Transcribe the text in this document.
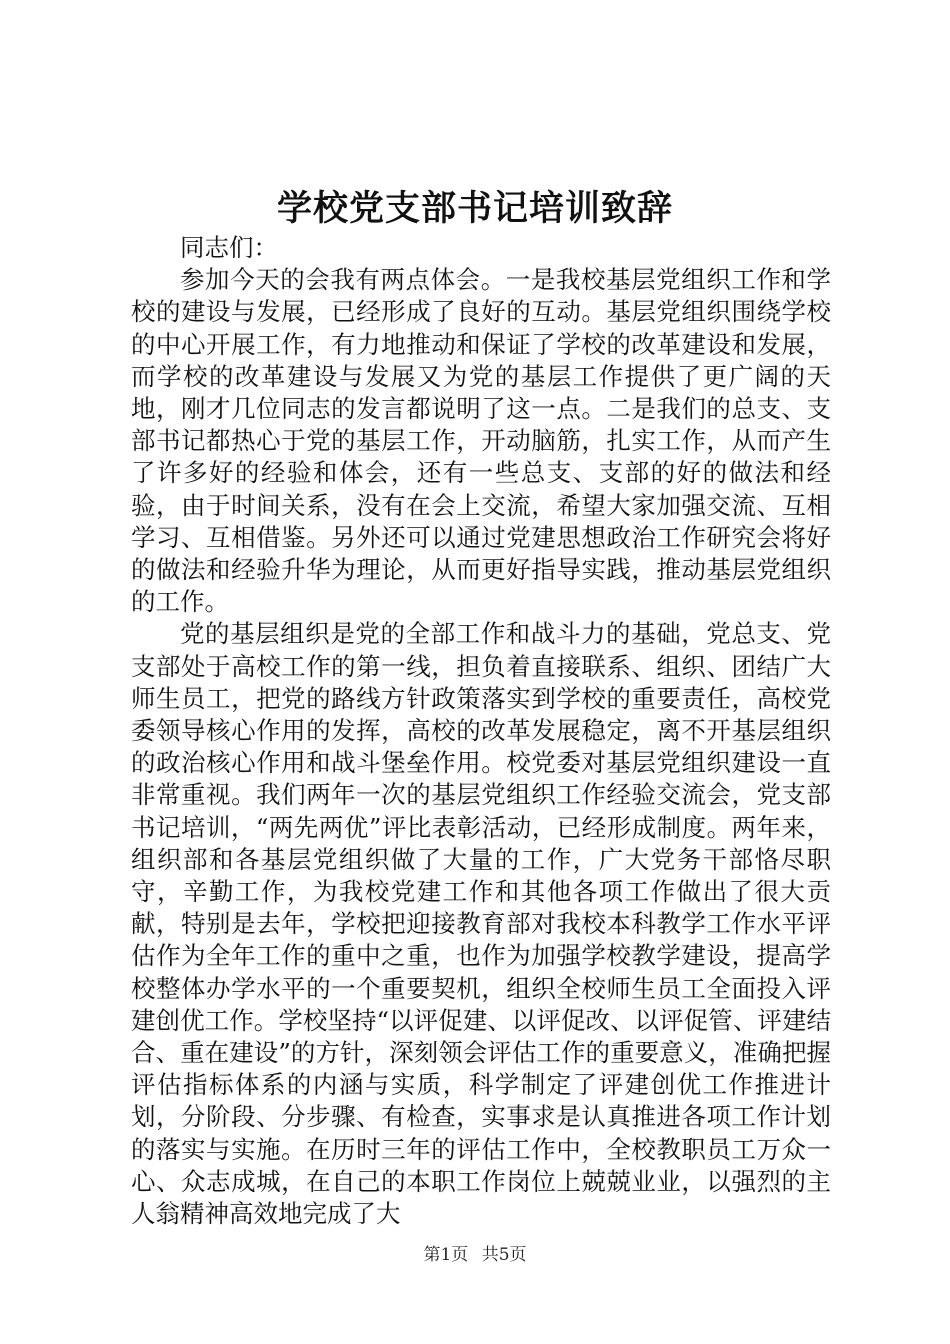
学校党支部书记培训致辞

同志们：

参加今天的会我有两点体会。一是我校基层党组织工作和学校的建设与发展，已经形成了良好的互动。基层党组织围绕学校的中心开展工作，有力地推动和保证了学校的改革建设和发展，而学校的改革建设与发展又为党的基层工作提供了更广阔的天地，刚才几位同志的发言都说明了这一点。二是我们的总支、支部书记都热心于党的基层工作，开动脑筋，扎实工作，从而产生了许多好的经验和体会，还有一些总支、支部的好的做法和经验，由于时间关系，没有在会上交流，希望大家加强交流、互相学习、互相借鉴。另外还可以通过党建思想政治工作研究会将好的做法和经验升华为理论，从而更好指导实践，推动基层党组织的工作。

党的基层组织是党的全部工作和战斗力的基础，党总支、党支部处于高校工作的第一线，担负着直接联系、组织、团结广大师生员工，把党的路线方针政策落实到学校的重要责任，高校党委领导核心作用的发挥，高校的改革发展稳定，离不开基层组织的政治核心作用和战斗堡垒作用。校党委对基层党组织建设一直非常重视。我们两年一次的基层党组织工作经验交流会，党支部书记培训，“两先两优”评比表彰活动，已经形成制度。两年来，组织部和各基层党组织做了大量的工作，广大党务干部恪尽职守，辛勤工作，为我校党建工作和其他各项工作做出了很大贡献，特别是去年，学校把迎接教育部对我校本科教学工作水平评估作为全年工作的重中之重，也作为加强学校教学建设，提高学校整体办学水平的一个重要契机，组织全校师生员工全面投入评建创优工作。学校坚持“以评促建、以评促改、以评促管、评建结合、重在建设”的方针，深刻领会评估工作的重要意义，准确把握评估指标体系的内涵与实质，科学制定了评建创优工作推进计划，分阶段、分步骤、有检查，实事求是认真推进各项工作计划的落实与实施。在历时三年的评估工作中，全校教职员工万众一心、众志成城，在自己的本职工作岗位上兢兢业业，以强烈的主人翁精神高效地完成了大

第1页 共5页
